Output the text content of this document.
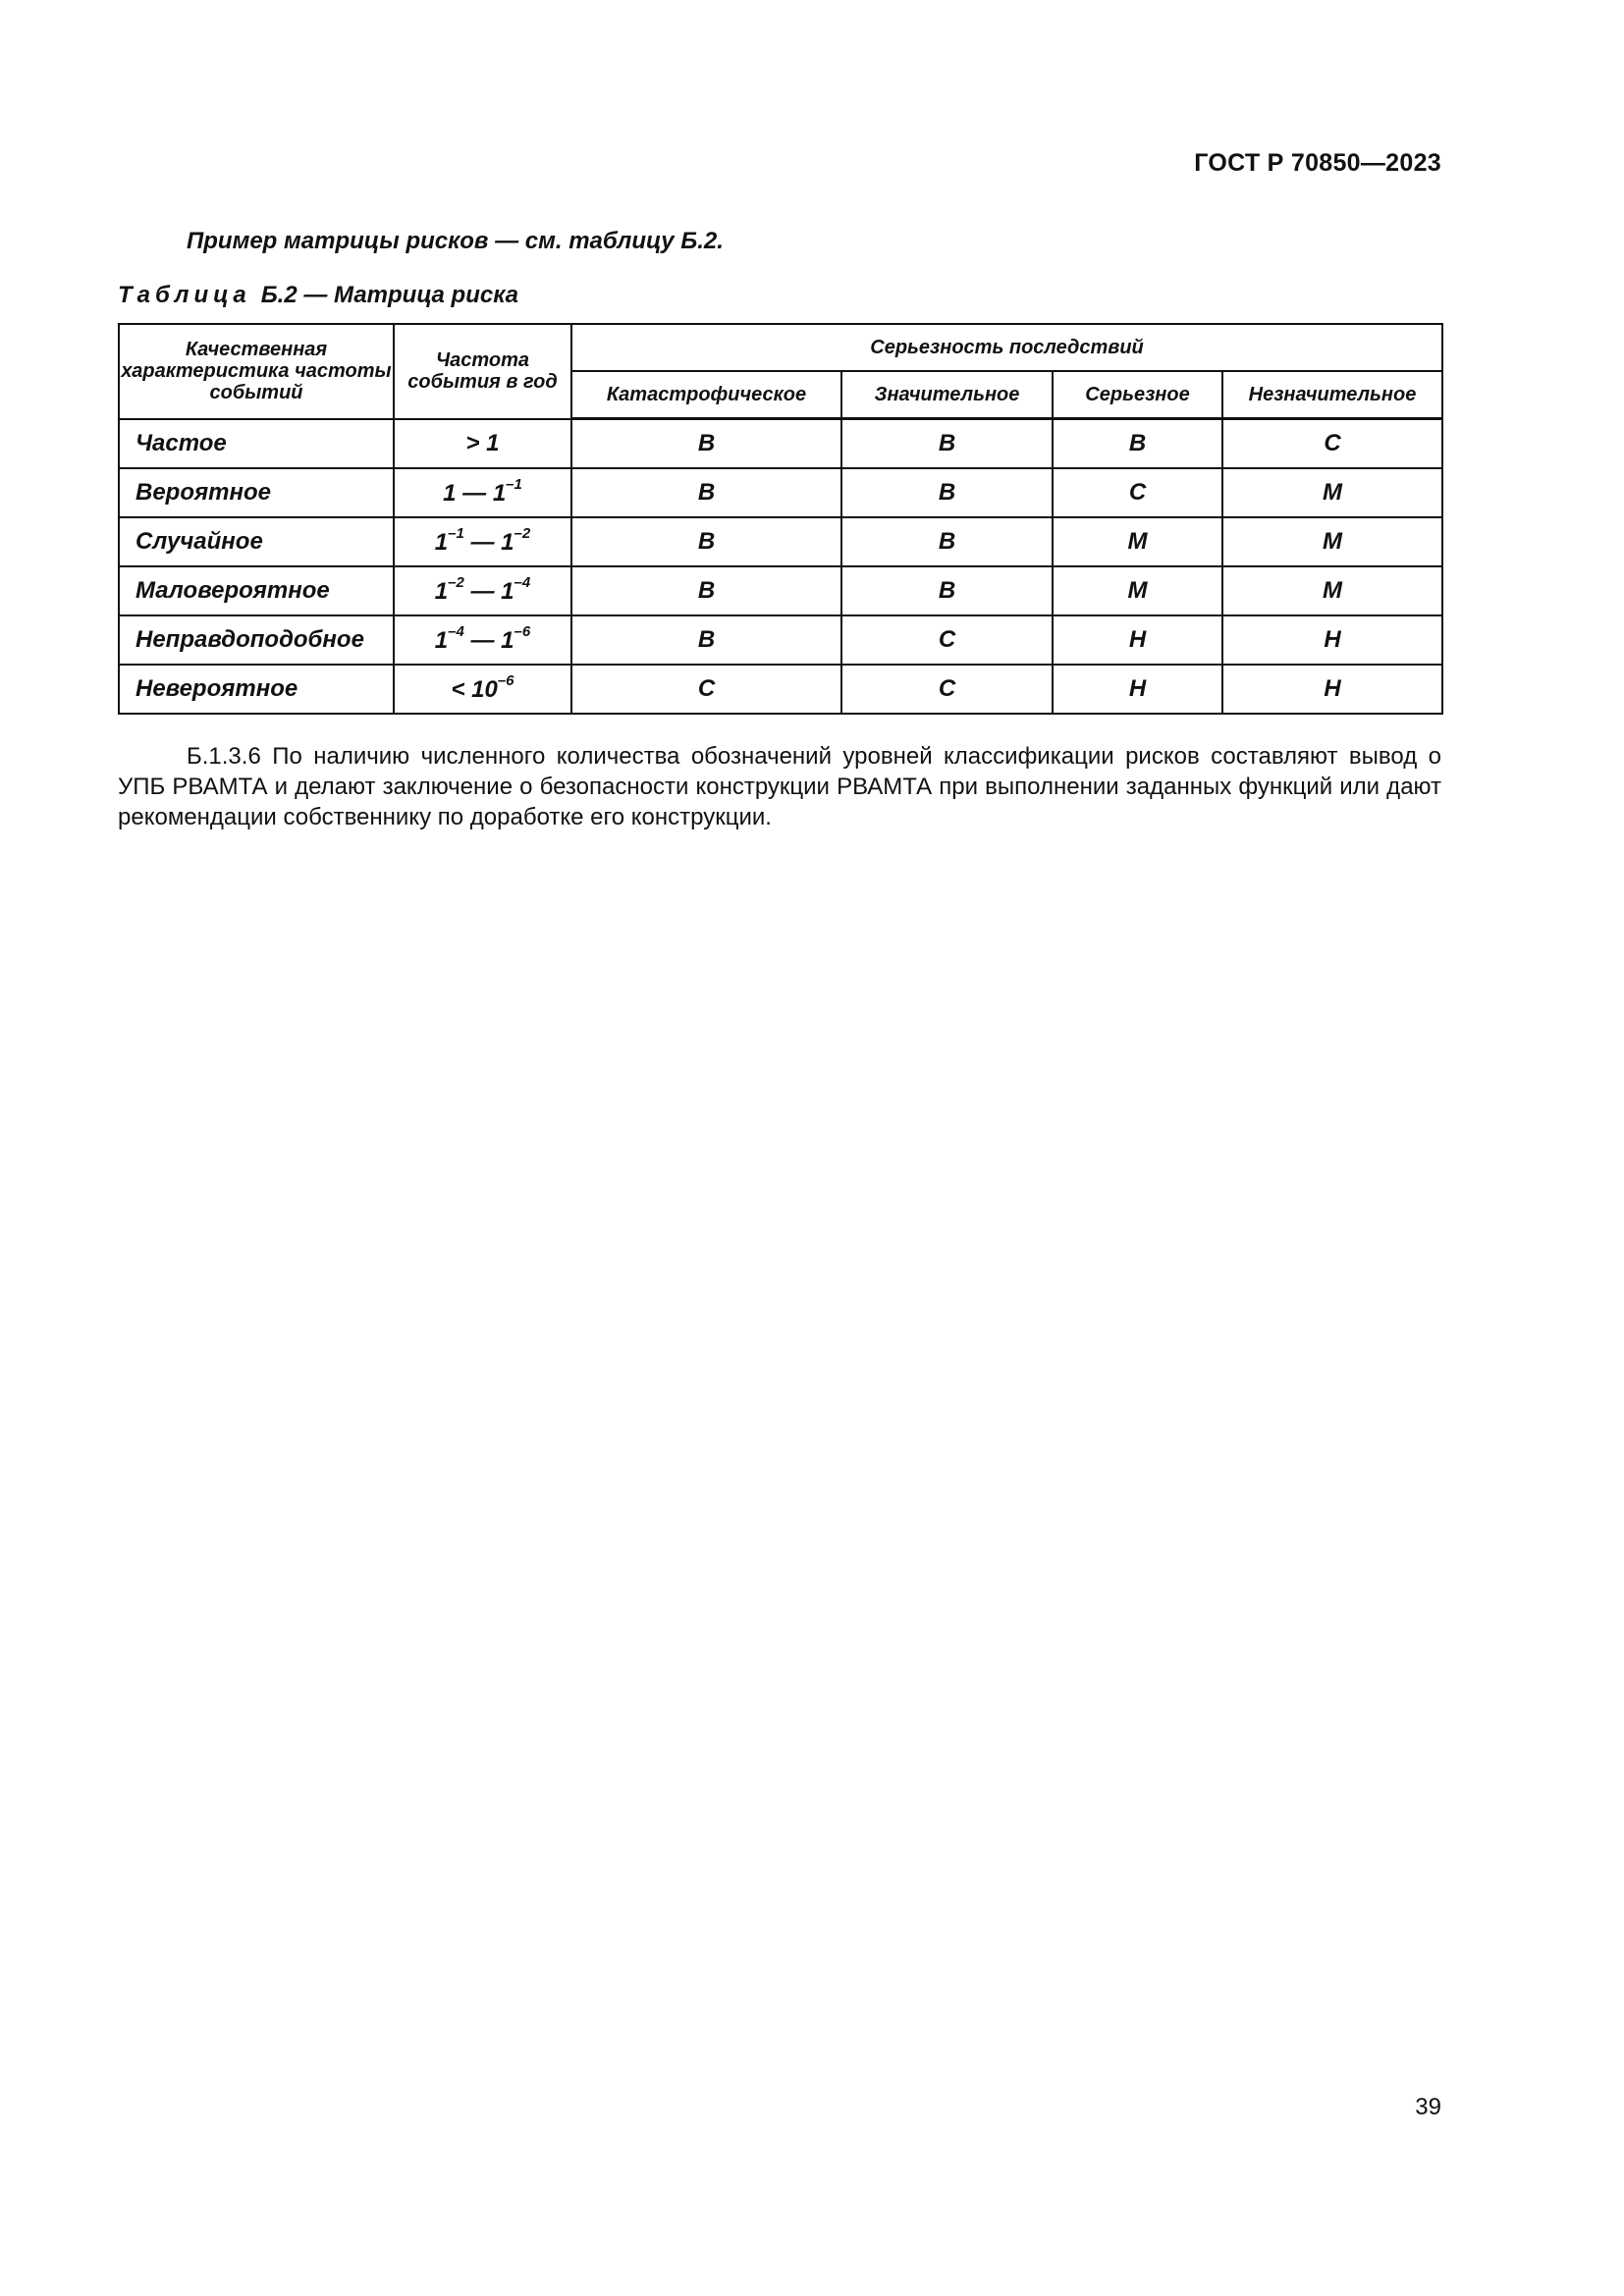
ГОСТ Р 70850—2023
Пример матрицы рисков — см. таблицу Б.2.
Таблица Б.2 — Матрица риска
Качественная характеристика частоты событий	Частота события в год	Серьезность последствий			
		Катастрофическое	Значительное	Серьезное	Незначительное
Частое	> 1	В	В	В	С
Вероятное	1 — $1^{-1}$	В	В	С	М
Случайное	$1^{-1}$ — $1^{-2}$	В	В	М	М
Маловероятное	$1^{-2}$ — $1^{-4}$	В	В	М	М
Неправдоподобное	$1^{-4}$ — $1^{-6}$	В	С	Н	Н
Невероятное	< $10^{-6}$	С	С	Н	Н
Б.1.3.6 По наличию численного количества обозначений уровней классификации рисков составляют вывод о УПБ РВАМТА и делают заключение о безопасности конструкции РВАМТА при выполнении заданных функций или дают рекомендации собственнику по доработке его конструкции.
39
